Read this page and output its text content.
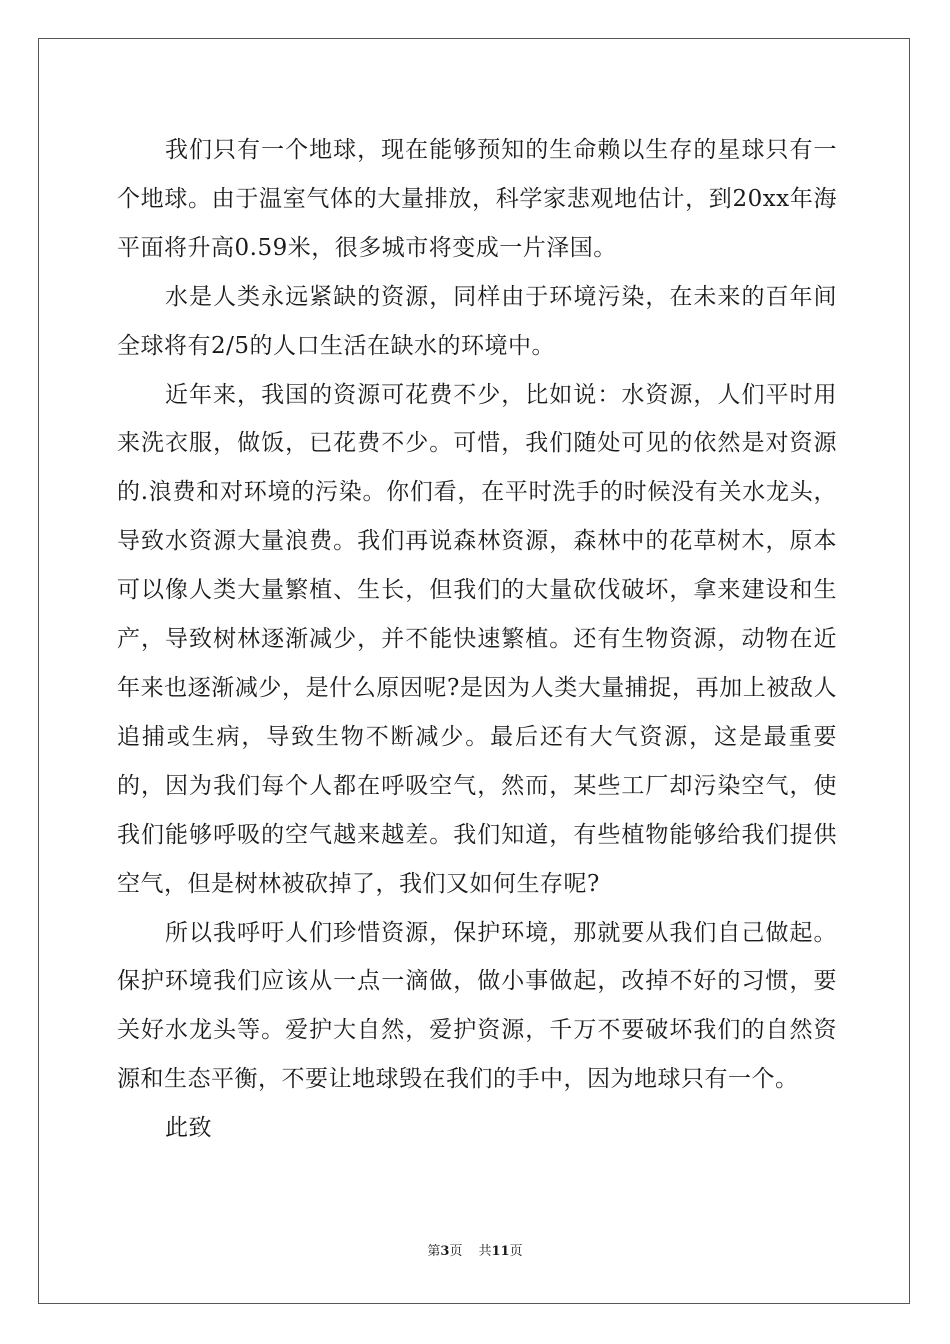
我们只有一个地球，现在能够预知的生命赖以生存的星球只有一个地球。由于温室气体的大量排放，科学家悲观地估计，到20xx年海平面将升高0.59米，很多城市将变成一片泽国。

水是人类永远紧缺的资源，同样由于环境污染，在未来的百年间全球将有2/5的人口生活在缺水的环境中。

近年来，我国的资源可花费不少，比如说：水资源，人们平时用来洗衣服，做饭，已花费不少。可惜，我们随处可见的依然是对资源的.浪费和对环境的污染。你们看，在平时洗手的时候没有关水龙头，导致水资源大量浪费。我们再说森林资源，森林中的花草树木，原本可以像人类大量繁植、生长，但我们的大量砍伐破坏，拿来建设和生产，导致树林逐渐减少，并不能快速繁植。还有生物资源，动物在近年来也逐渐减少，是什么原因呢?是因为人类大量捕捉，再加上被敌人追捕或生病，导致生物不断减少。最后还有大气资源，这是最重要的，因为我们每个人都在呼吸空气，然而，某些工厂却污染空气，使我们能够呼吸的空气越来越差。我们知道，有些植物能够给我们提供空气，但是树林被砍掉了，我们又如何生存呢?

所以我呼吁人们珍惜资源，保护环境，那就要从我们自己做起。保护环境我们应该从一点一滴做，做小事做起，改掉不好的习惯，要关好水龙头等。爱护大自然，爱护资源，千万不要破坏我们的自然资源和生态平衡，不要让地球毁在我们的手中，因为地球只有一个。

此致

第3页 共11页
